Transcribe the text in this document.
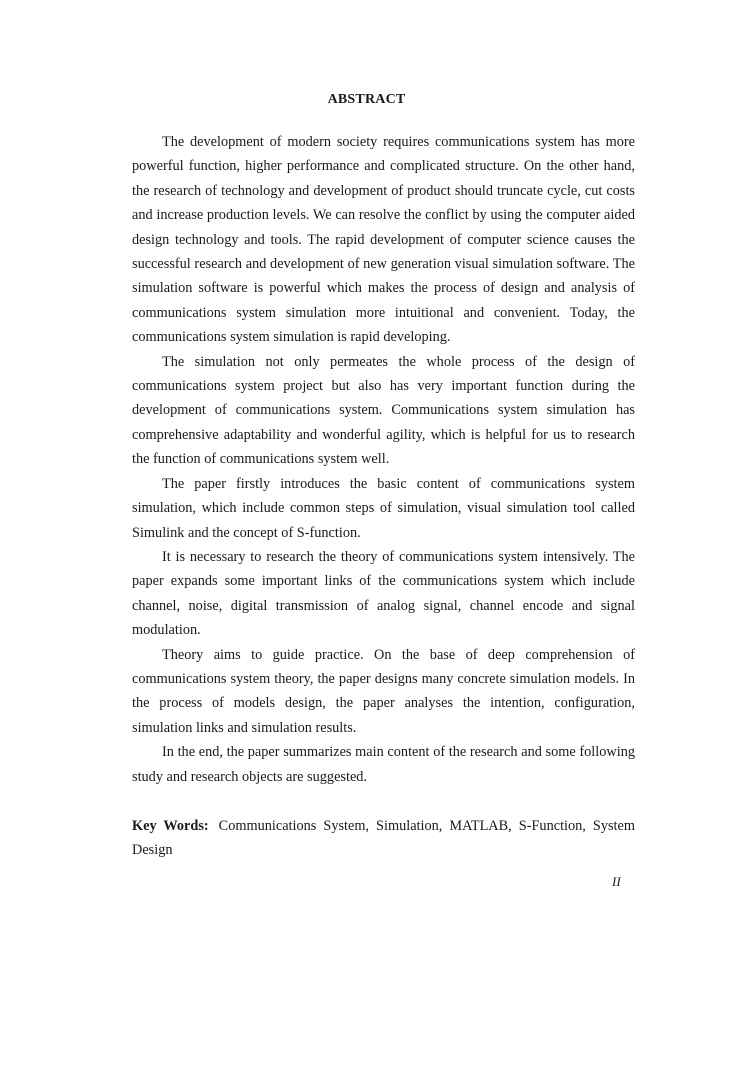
ABSTRACT

The development of modern society requires communications system has more powerful function, higher performance and complicated structure. On the other hand, the research of technology and development of product should truncate cycle, cut costs and increase production levels. We can resolve the conflict by using the computer aided design technology and tools. The rapid development of computer science causes the successful research and development of new generation visual simulation software. The simulation software is powerful which makes the process of design and analysis of communications system simulation more intuitional and convenient. Today, the communications system simulation is rapid developing.

The simulation not only permeates the whole process of the design of communications system project but also has very important function during the development of communications system. Communications system simulation has comprehensive adaptability and wonderful agility, which is helpful for us to research the function of communications system well.

The paper firstly introduces the basic content of communications system simulation, which include common steps of simulation, visual simulation tool called Simulink and the concept of S-function.

It is necessary to research the theory of communications system intensively. The paper expands some important links of the communications system which include channel, noise, digital transmission of analog signal, channel encode and signal modulation.

Theory aims to guide practice. On the base of deep comprehension of communications system theory, the paper designs many concrete simulation models. In the process of models design, the paper analyses the intention, configuration, simulation links and simulation results.

In the end, the paper summarizes main content of the research and some following study and research objects are suggested.

Key Words: Communications System, Simulation, MATLAB, S-Function, System Design
II
